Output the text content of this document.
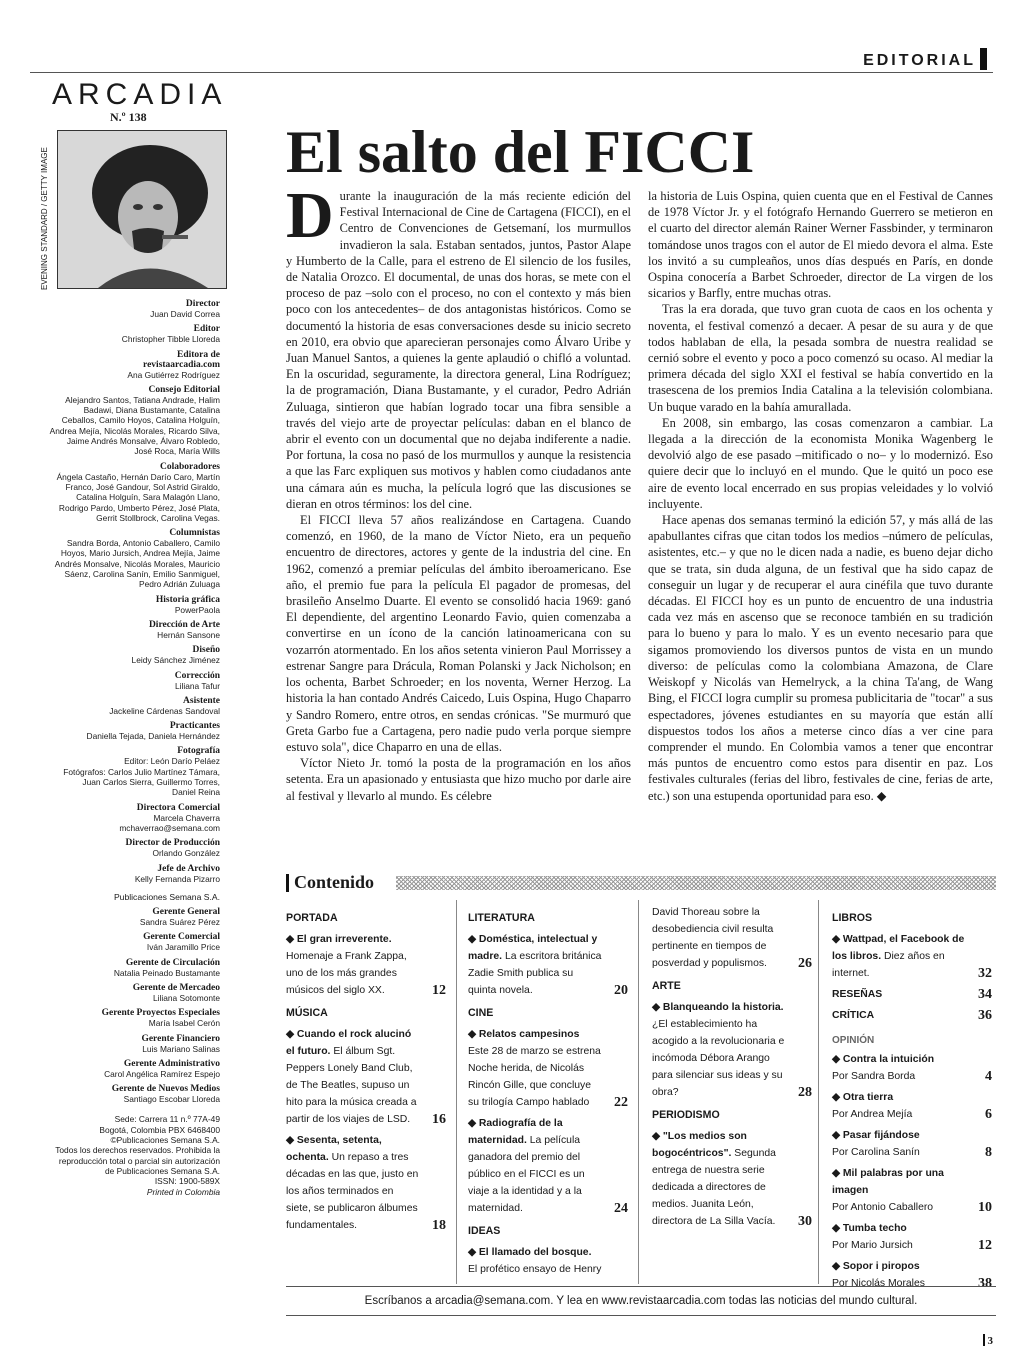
EDITORIAL
ARCADIA
N.º 138
EVENING STANDARD / GETTY IMAGE
Director
Juan David Correa
Editor
Christopher Tibble Lloreda
Editora de
revistaarcadia.com
Ana Gutiérrez Rodríguez
Consejo Editorial
Alejandro Santos, Tatiana Andrade, Halim
Badawi, Diana Bustamante, Catalina
Ceballos, Camilo Hoyos, Catalina Holguín,
Andrea Mejía, Nicolás Morales, Ricardo Silva,
Jaime Andrés Monsalve, Álvaro Robledo,
José Roca, María Wills
Colaboradores
Ángela Castaño, Hernán Darío Caro, Martín
Franco, José Gandour, Sol Astrid Giraldo,
Catalina Holguín, Sara Malagón Llano,
Rodrigo Pardo, Umberto Pérez, José Plata,
Gerrit Stollbrock, Carolina Vegas.
Columnistas
Sandra Borda, Antonio Caballero, Camilo
Hoyos, Mario Jursich, Andrea Mejía, Jaime
Andrés Monsalve, Nicolás Morales, Mauricio
Sáenz, Carolina Sanín, Emilio Sanmiguel,
Pedro Adrián Zuluaga
Historia gráfica
PowerPaola
Dirección de Arte
Hernán Sansone
Diseño
Leidy Sánchez Jiménez
Corrección
Liliana Tafur
Asistente
Jackeline Cárdenas Sandoval
Practicantes
Daniella Tejada, Daniela Hernández
Fotografía
Editor: León Darío Peláez
Fotógrafos: Carlos Julio Martínez Támara,
Juan Carlos Sierra, Guillermo Torres,
Daniel Reina
Directora Comercial
Marcela Chaverra
mchaverrao@semana.com
Director de Producción
Orlando González
Jefe de Archivo
Kelly Fernanda Pizarro
Publicaciones Semana S.A.
Gerente General
Sandra Suárez Pérez
Gerente Comercial
Iván Jaramillo Price
Gerente de Circulación
Natalia Peinado Bustamante
Gerente de Mercadeo
Liliana Sotomonte
Gerente Proyectos Especiales
María Isabel Cerón
Gerente Financiero
Luis Mariano Salinas
Gerente Administrativo
Carol Angélica Ramírez Espejo
Gerente de Nuevos Medios
Santiago Escobar Lloreda
Sede: Carrera 11 n.º 77A-49
Bogotá, Colombia PBX 6468400
©Publicaciones Semana S.A.
Todos los derechos reservados. Prohibida la
reproducción total o parcial sin autorización
de Publicaciones Semana S.A.
ISSN: 1900-589X
Printed in Colombia
El salto del FICCI

Durante la inauguración de la más reciente edición del Festival Internacional de Cine de Cartagena (FICCI), en el Centro de Convenciones de Getsemaní, los murmullos invadieron la sala. Estaban sentados, juntos, Pastor Alape y Humberto de la Calle, para el estreno de El silencio de los fusiles, de Natalia Orozco. El documental, de unas dos horas, se mete con el proceso de paz –solo con el proceso, no con el contexto y más bien poco con los antecedentes– de dos antagonistas históricos. Como se documentó la historia de esas conversaciones desde su inicio secreto en 2010, era obvio que aparecieran personajes como Álvaro Uribe y Juan Manuel Santos, a quienes la gente aplaudió o chifló a voluntad. En la oscuridad, seguramente, la directora general, Lina Rodríguez; la de programación, Diana Bustamante, y el curador, Pedro Adrián Zuluaga, sintieron que habían logrado tocar una fibra sensible a través del viejo arte de proyectar películas: daban en el blanco de abrir el evento con un documental que no dejaba indiferente a nadie. Por fortuna, la cosa no pasó de los murmullos y aunque la resistencia a que las Farc expliquen sus motivos y hablen como ciudadanos ante una cámara aún es mucha, la película logró que las discusiones se dieran en otros términos: los del cine.

El FICCI lleva 57 años realizándose en Cartagena. Cuando comenzó, en 1960, de la mano de Víctor Nieto, era un pequeño encuentro de directores, actores y gente de la industria del cine. En 1962, comenzó a premiar películas del ámbito iberoamericano. Ese año, el premio fue para la película El pagador de promesas, del brasileño Anselmo Duarte. El evento se consolidó hacia 1969: ganó El dependiente, del argentino Leonardo Favio, quien comenzaba a convertirse en un ícono de la canción latinoamericana con su vozarrón atormentado. En los años setenta vinieron Paul Morrissey a estrenar Sangre para Drácula, Roman Polanski y Jack Nicholson; en los ochenta, Barbet Schroeder; en los noventa, Werner Herzog. La historia la han contado Andrés Caicedo, Luis Ospina, Hugo Chaparro y Sandro Romero, entre otros, en sendas crónicas. "Se murmuró que Greta Garbo fue a Cartagena, pero nadie pudo verla porque siempre estuvo sola", dice Chaparro en una de ellas.

Víctor Nieto Jr. tomó la posta de la programación en los años setenta. Era un apasionado y entusiasta que hizo mucho por darle aire al festival y llevarlo al mundo. Es célebre

la historia de Luis Ospina, quien cuenta que en el Festival de Cannes de 1978 Víctor Jr. y el fotógrafo Hernando Guerrero se metieron en el cuarto del director alemán Rainer Werner Fassbinder, y terminaron tomándose unos tragos con el autor de El miedo devora el alma. Este los invitó a su cumpleaños, unos días después en París, en donde Ospina conocería a Barbet Schroeder, director de La virgen de los sicarios y Barfly, entre muchas otras.

Tras la era dorada, que tuvo gran cuota de caos en los ochenta y noventa, el festival comenzó a decaer. A pesar de su aura y de que todos hablaban de ella, la pesada sombra de nuestra realidad se cernió sobre el evento y poco a poco comenzó su ocaso. Al mediar la primera década del siglo XXI el festival se había convertido en la trasescena de los premios India Catalina a la televisión colombiana. Un buque varado en la bahía amurallada.

En 2008, sin embargo, las cosas comenzaron a cambiar. La llegada a la dirección de la economista Monika Wagenberg le devolvió algo de ese pasado –mitificado o no– y lo modernizó. Eso quiere decir que lo incluyó en el mundo. Que le quitó un poco ese aire de evento local encerrado en sus propias veleidades y lo volvió incluyente.

Hace apenas dos semanas terminó la edición 57, y más allá de las apabullantes cifras que citan todos los medios –número de películas, asistentes, etc.– y que no le dicen nada a nadie, es bueno dejar dicho que se trata, sin duda alguna, de un festival que ha sido capaz de conseguir un lugar y de recuperar el aura cinéfila que tuvo durante décadas. El FICCI hoy es un punto de encuentro de una industria cada vez más en ascenso que se reconoce también en su tradición para lo bueno y para lo malo. Y es un evento necesario para que sigamos promoviendo los diversos puntos de vista en un mundo diverso: de películas como la colombiana Amazona, de Clare Weiskopf y Nicolás van Hemelryck, a la china Ta'ang, de Wang Bing, el FICCI logra cumplir su promesa publicitaria de "tocar" a sus espectadores, jóvenes estudiantes en su mayoría que están allí dispuestos todos los años a meterse cinco días a ver cine para comprender el mundo. En Colombia vamos a tener que encontrar más puntos de encuentro como estos para disentir en paz. Los festivales culturales (ferias del libro, festivales de cine, ferias de arte, etc.) son una estupenda oportunidad para eso. ◆

Contenido
PORTADA
◆ El gran irreverente. Homenaje a Frank Zappa, uno de los más grandes músicos del siglo XX.	12
MÚSICA
◆ Cuando el rock alucinó el futuro. El álbum Sgt. Peppers Lonely Band Club, de The Beatles, supuso un hito para la música creada a partir de los viajes de LSD. 16
◆ Sesenta, setenta, ochenta. Un repaso a tres décadas en las que, justo en los años terminados en siete, se publicaron álbumes fundamentales.	18
LITERATURA
◆ Doméstica, intelectual y madre. La escritora británica Zadie Smith publica su quinta novela.	20
CINE
◆ Relatos campesinos Este 28 de marzo se estrena Noche herida, de Nicolás Rincón Gille, que concluye su trilogía Campo hablado 22
◆ Radiografía de la maternidad. La película ganadora del premio del público en el FICCI es un viaje a la identidad y a la maternidad.	24
IDEAS
◆ El llamado del bosque. El profético ensayo de Henry
David Thoreau sobre la desobediencia civil resulta pertinente en tiempos de posverdad y populismos. 26
ARTE
◆ Blanqueando la historia. ¿El establecimiento ha acogido a la revolucionaria e incómoda Débora Arango para silenciar sus ideas y su obra?	28
PERIODISMO
◆ "Los medios son bogocéntricos". Segunda entrega de nuestra serie dedicada a directores de medios. Juanita León, directora de La Silla Vacía. 30
LIBROS
◆ Wattpad, el Facebook de los libros. Diez años en internet.	32
RESEÑAS	34
CRÍTICA	36
OPINIÓN
◆ Contra la intuición
Por Sandra Borda	4
◆ Otra tierra
Por Andrea Mejía	6
◆ Pasar fijándose
Por Carolina Sanín	8
◆ Mil palabras por una imagen
Por Antonio Caballero	10
◆ Tumba techo
Por Mario Jursich	12
◆ Sopor i piropos
Por Nicolás Morales	38
Escríbanos a arcadia@semana.com. Y lea en www.revistaarcadia.com todas las noticias del mundo cultural.
3
